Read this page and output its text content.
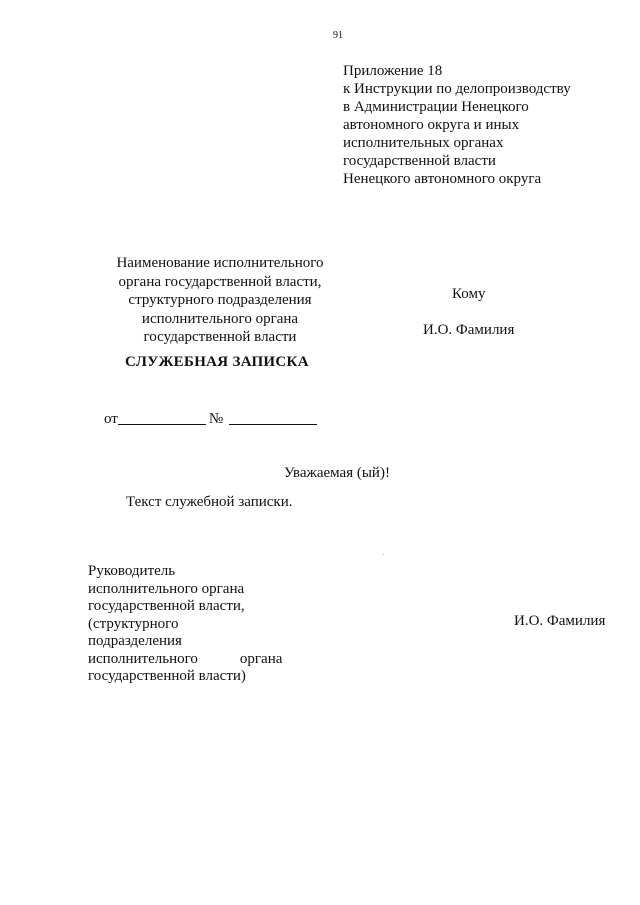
91
Приложение 18
к Инструкции по делопроизводству
в Администрации Ненецкого
автономного округа и иных
исполнительных органах
государственной власти
Ненецкого автономного округа
Наименование исполнительного
органа государственной власти,
структурного подразделения
исполнительного органа
государственной власти
Кому
И.О. Фамилия
СЛУЖЕБНАЯ ЗАПИСКА
от	№
Уважаемая (ый)!
Текст служебной записки.
Руководитель
исполнительного органа
государственной власти,
(структурного
подразделения
исполнительного	органа
государственной власти)
И.О. Фамилия
